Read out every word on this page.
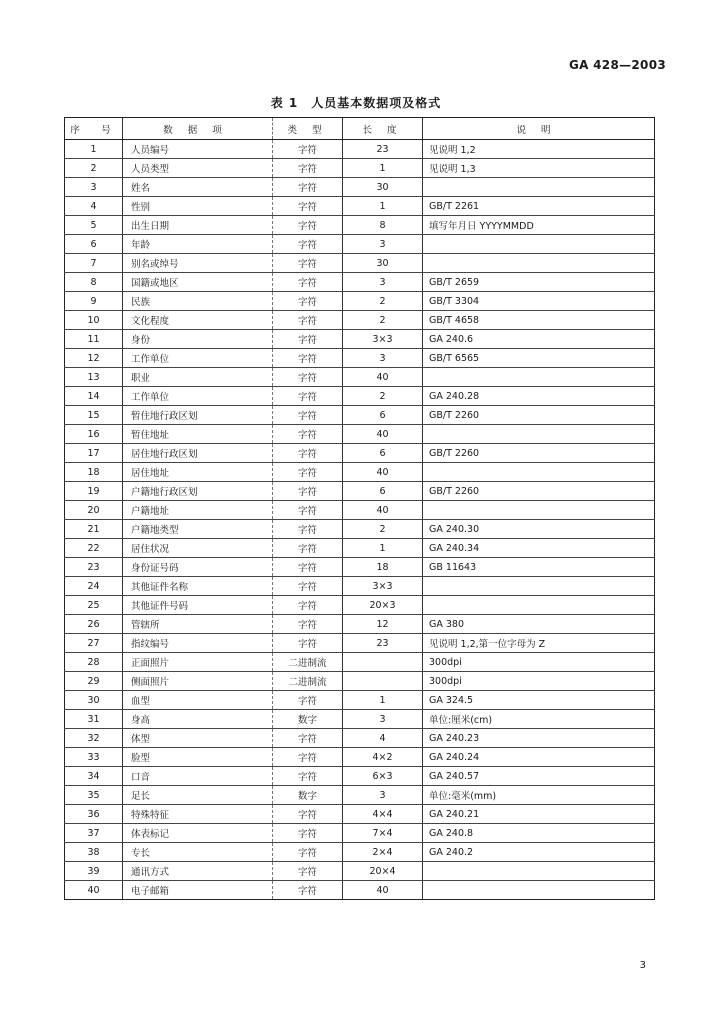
GA 428—2003
表 1　人员基本数据项及格式
序　号	数 据 项	类 型	长 度	说 明
1	人员编号	字符	23	见说明 1,2
2	人员类型	字符	1	见说明 1,3
3	姓名	字符	30	
4	性别	字符	1	GB/T 2261
5	出生日期	字符	8	填写年月日 YYYYMMDD
6	年龄	字符	3	
7	别名或绰号	字符	30	
8	国籍或地区	字符	3	GB/T 2659
9	民族	字符	2	GB/T 3304
10	文化程度	字符	2	GB/T 4658
11	身份	字符	3×3	GA 240.6
12	工作单位	字符	3	GB/T 6565
13	职业	字符	40	
14	工作单位	字符	2	GA 240.28
15	暂住地行政区划	字符	6	GB/T 2260
16	暂住地址	字符	40	
17	居住地行政区划	字符	6	GB/T 2260
18	居住地址	字符	40	
19	户籍地行政区划	字符	6	GB/T 2260
20	户籍地址	字符	40	
21	户籍地类型	字符	2	GA 240.30
22	居住状况	字符	1	GA 240.34
23	身份证号码	字符	18	GB 11643
24	其他证件名称	字符	3×3	
25	其他证件号码	字符	20×3	
26	管辖所	字符	12	GA 380
27	指纹编号	字符	23	见说明 1,2,第一位字母为 Z
28	正面照片	二进制流		300dpi
29	侧面照片	二进制流		300dpi
30	血型	字符	1	GA 324.5
31	身高	数字	3	单位:厘米(cm)
32	体型	字符	4	GA 240.23
33	脸型	字符	4×2	GA 240.24
34	口音	字符	6×3	GA 240.57
35	足长	数字	3	单位:毫米(mm)
36	特殊特征	字符	4×4	GA 240.21
37	体表标记	字符	7×4	GA 240.8
38	专长	字符	2×4	GA 240.2
39	通讯方式	字符	20×4	
40	电子邮箱	字符	40	
3
